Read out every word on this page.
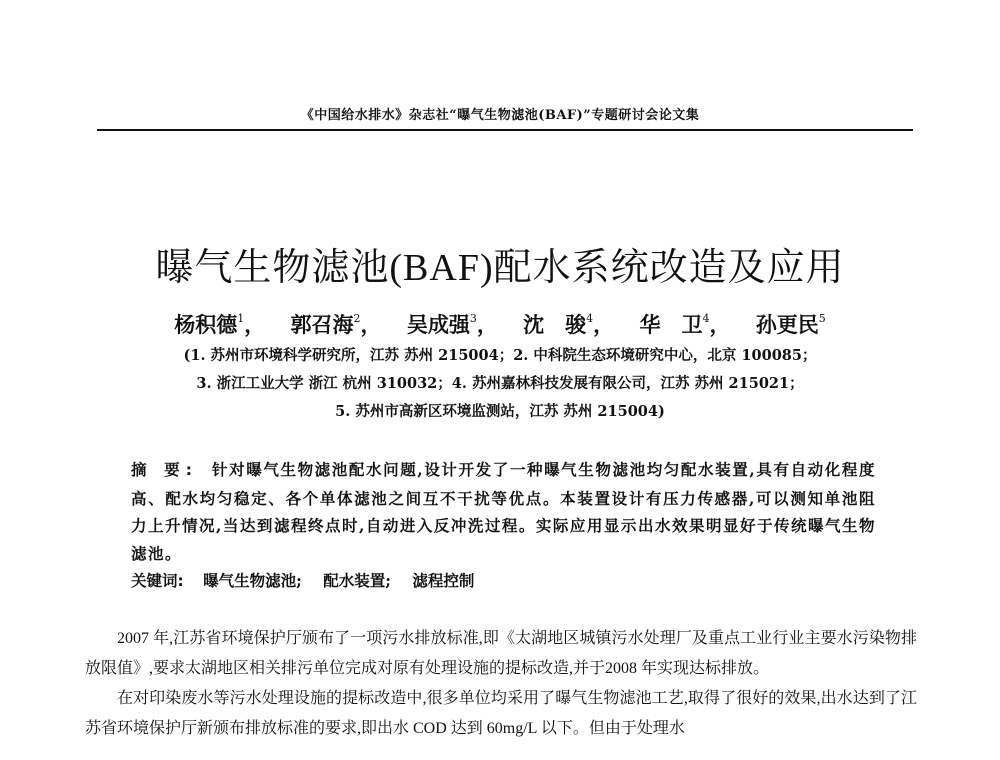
《中国给水排水》杂志社“曝气生物滤池(BAF)”专题研讨会论文集
曝气生物滤池(BAF)配水系统改造及应用
杨积德$^1$， 郭召海$^2$， 吴成强$^3$， 沈　骏$^4$， 华　卫$^4$， 孙更民$^5$
(1. 苏州市环境科学研究所，江苏 苏州 215004；2. 中科院生态环境研究中心，北京 100085；
3. 浙江工业大学 浙江 杭州 310032；4. 苏州嘉林科技发展有限公司，江苏 苏州 215021；
5. 苏州市高新区环境监测站，江苏 苏州 215004)
摘 要: 针对曝气生物滤池配水问题,设计开发了一种曝气生物滤池均匀配水装置,具有自动化程度高、配水均匀稳定、各个单体滤池之间互不干扰等优点。本装置设计有压力传感器,可以测知单池阻力上升情况,当达到滤程终点时,自动进入反冲洗过程。实际应用显示出水效果明显好于传统曝气生物滤池。
关键词: 曝气生物滤池; 配水装置; 滤程控制

2007 年,江苏省环境保护厅颁布了一项污水排放标准,即《太湖地区城镇污水处理厂及重点工业行业主要水污染物排放限值》,要求太湖地区相关排污单位完成对原有处理设施的提标改造,并于2008 年实现达标排放。

在对印染废水等污水处理设施的提标改造中,很多单位均采用了曝气生物滤池工艺,取得了很好的效果,出水达到了江苏省环境保护厅新颁布排放标准的要求,即出水 COD 达到 60mg/L 以下。但由于处理水
